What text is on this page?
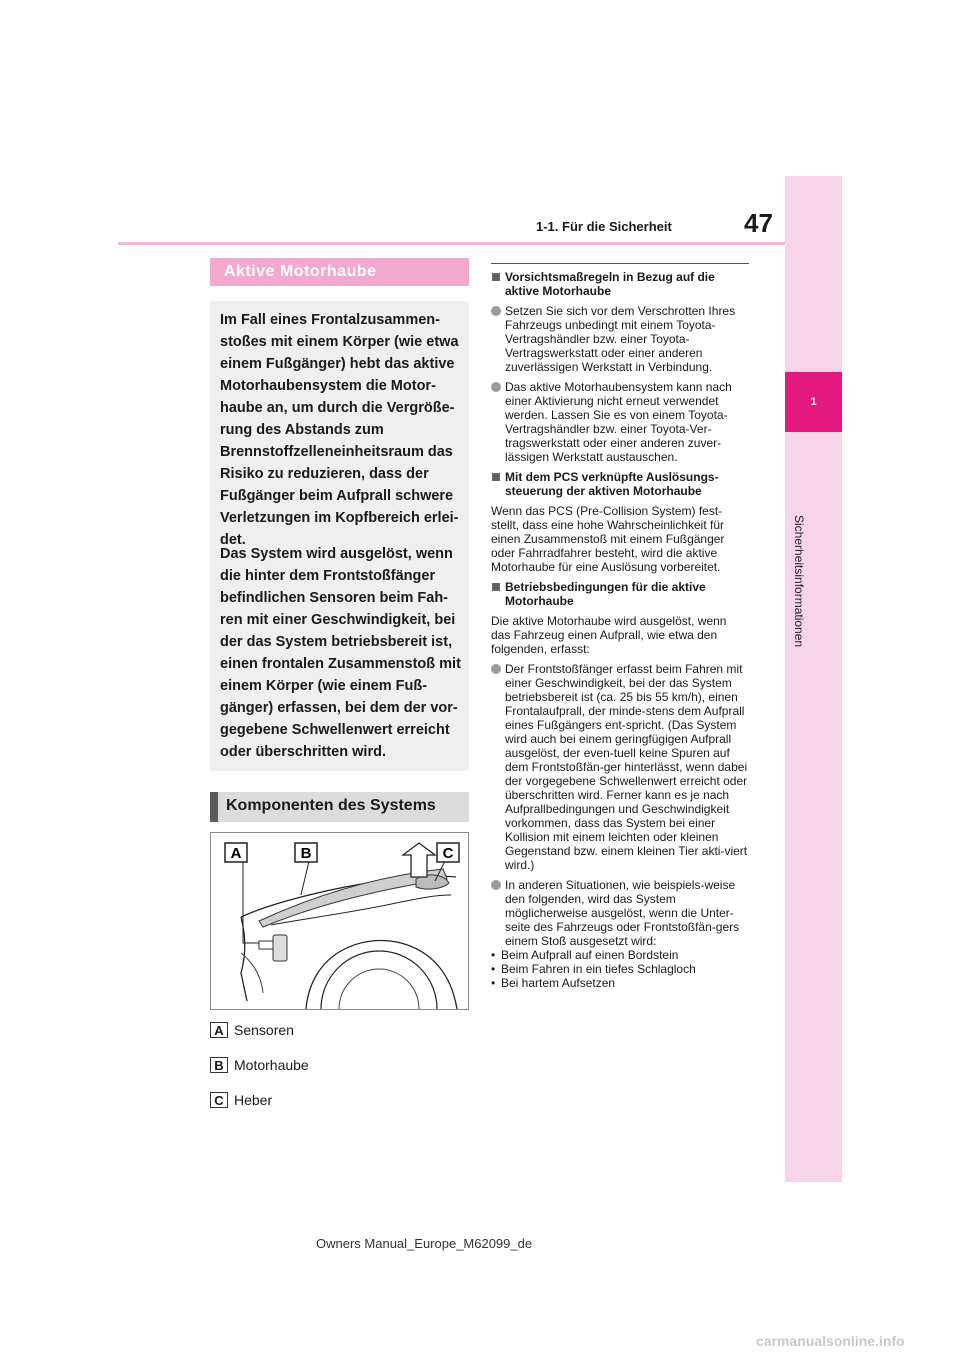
47
1-1. Für die Sicherheit
1
Sicherheitsinformationen
Aktive Motorhaube

Im Fall eines Frontalzusammen-stoßes mit einem Körper (wie etwa einem Fußgänger) hebt das aktive Motorhaubensystem die Motor-haube an, um durch die Vergröße-rung des Abstands zum Brennstoffzelleneinheitsraum das Risiko zu reduzieren, dass der Fußgänger beim Aufprall schwere Verletzungen im Kopfbereich erlei-det.

Das System wird ausgelöst, wenn die hinter dem Frontstoßfänger befindlichen Sensoren beim Fah-ren mit einer Geschwindigkeit, bei der das System betriebsbereit ist, einen frontalen Zusammenstoß mit einem Körper (wie einem Fuß-gänger) erfassen, bei dem der vor-gegebene Schwellenwert erreicht oder überschritten wird.

Komponenten des Systems
A	B	C
A Sensoren
B Motorhaube
C Heber
Vorsichtsmaßregeln in Bezug auf die aktive Motorhaube
Setzen Sie sich vor dem Verschrotten Ihres Fahrzeugs unbedingt mit einem Toyota-Vertragshändler bzw. einer Toyota-Vertragswerkstatt oder einer anderen zuverlässigen Werkstatt in Verbindung.
Das aktive Motorhaubensystem kann nach einer Aktivierung nicht erneut verwendet werden. Lassen Sie es von einem Toyota-Vertragshändler bzw. einer Toyota-Ver-tragswerkstatt oder einer anderen zuver-lässigen Werkstatt austauschen.
Mit dem PCS verknüpfte Auslösungs-steuerung der aktiven Motorhaube
Wenn das PCS (Pre-Collision System) fest-stellt, dass eine hohe Wahrscheinlichkeit für einen Zusammenstoß mit einem Fußgänger oder Fahrradfahrer besteht, wird die aktive Motorhaube für eine Auslösung vorbereitet.
Betriebsbedingungen für die aktive Motorhaube
Die aktive Motorhaube wird ausgelöst, wenn das Fahrzeug einen Aufprall, wie etwa den folgenden, erfasst:
Der Frontstoßfänger erfasst beim Fahren mit einer Geschwindigkeit, bei der das System betriebsbereit ist (ca. 25 bis 55 km/h), einen Frontalaufprall, der minde-stens dem Aufprall eines Fußgängers ent-spricht. (Das System wird auch bei einem geringfügigen Aufprall ausgelöst, der even-tuell keine Spuren auf dem Frontstoßfän-ger hinterlässt, wenn dabei der vorgegebene Schwellenwert erreicht oder überschritten wird. Ferner kann es je nach Aufprallbedingungen und Geschwindigkeit vorkommen, dass das System bei einer Kollision mit einem leichten oder kleinen Gegenstand bzw. einem kleinen Tier akti-viert wird.)
In anderen Situationen, wie beispiels-weise den folgenden, wird das System möglicherweise ausgelöst, wenn die Unter-seite des Fahrzeugs oder Frontstoßfän-gers einem Stoß ausgesetzt wird:
• Beim Aufprall auf einen Bordstein
• Beim Fahren in ein tiefes Schlagloch
• Bei hartem Aufsetzen
Owners Manual_Europe_M62099_de
carmanualsonline.info
